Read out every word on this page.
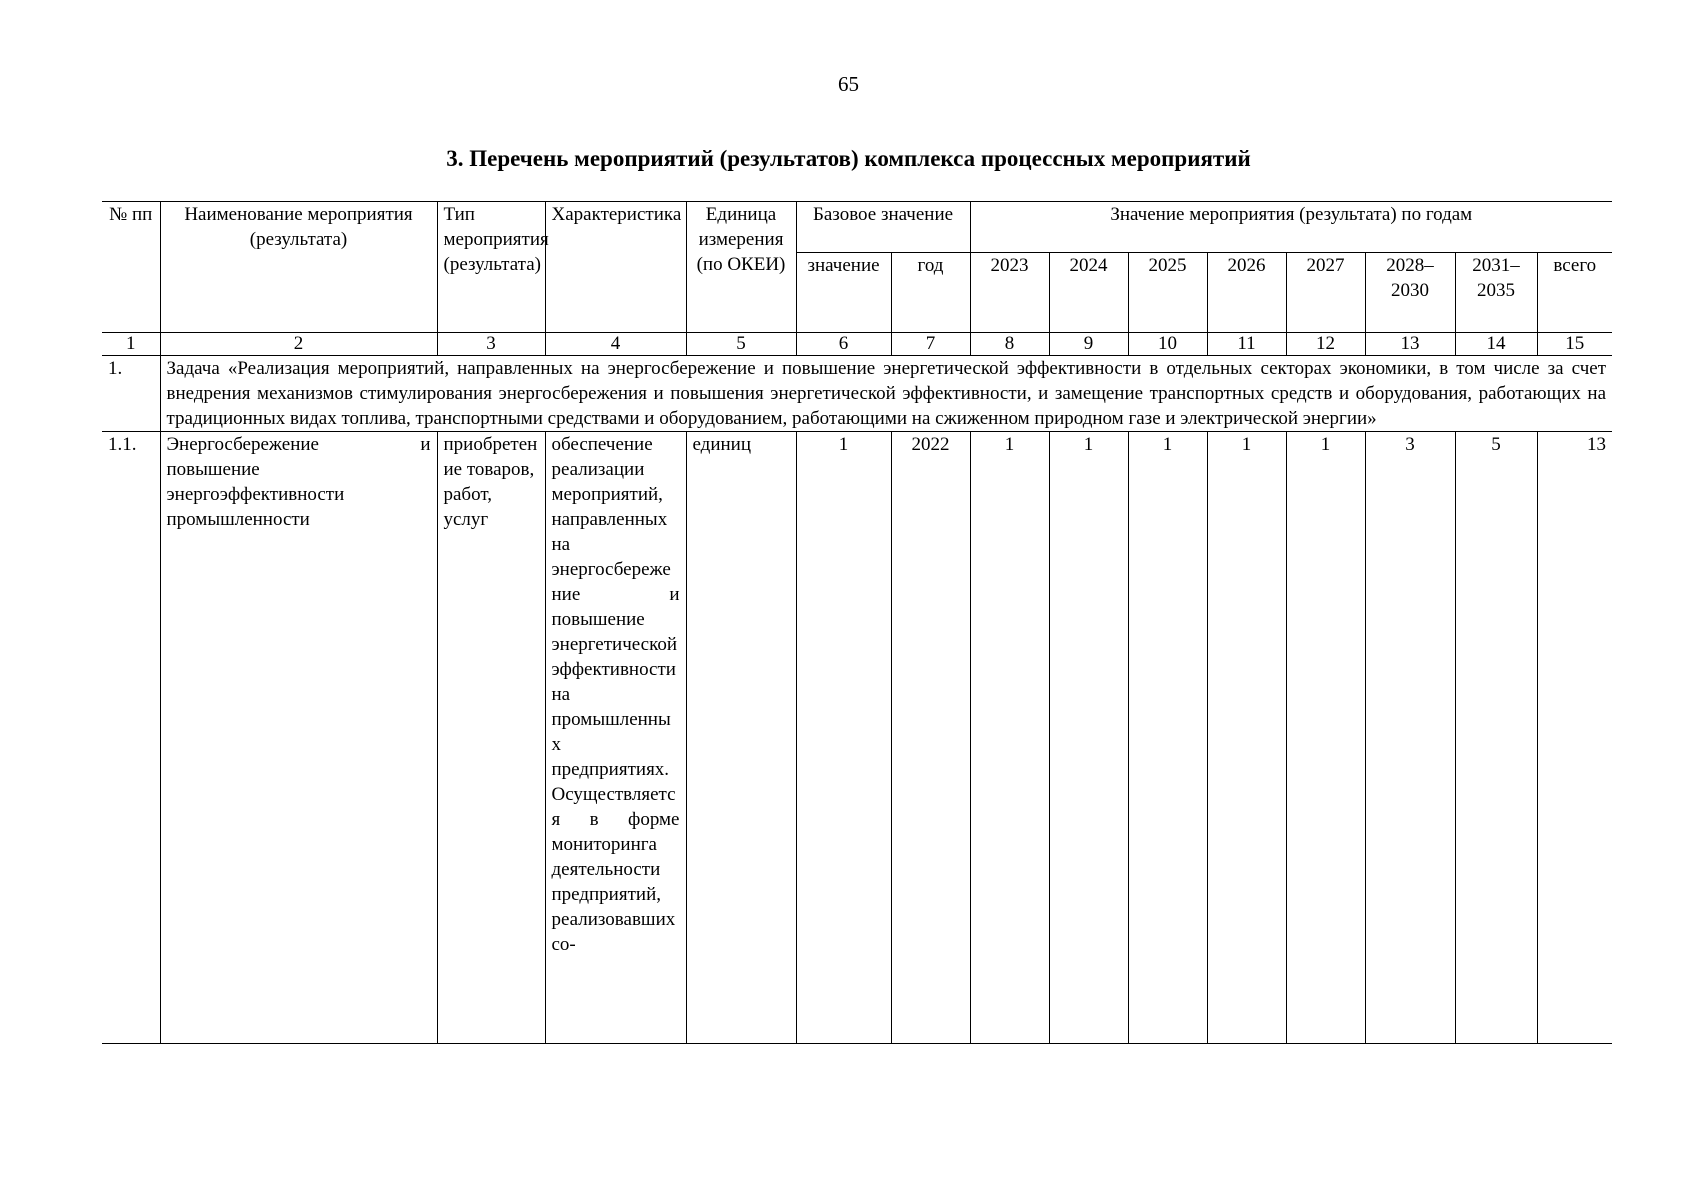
65
3. Перечень мероприятий (результатов) комплекса процессных мероприятий
№ пп	Наименование мероприятия (результата)	Тип мероприятия (результата)	Характеристика	Единица измерения (по ОКЕИ)	Базовое значение		Значение мероприятия (результата) по годам							
					значение	год	2023	2024	2025	2026	2027	2028–2030	2031–2035	всего
1	2	3	4	5	6	7	8	9	10	11	12	13	14	15
1.	Задача «Реализация мероприятий, направленных на энергосбережение и повышение энергетической эффективности в отдельных секторах экономики, в том числе за счет внедрения механизмов стимулирования энергосбережения и повышения энергетической эффективности, и замещение транспортных средств и оборудования, работающих на традиционных видах топлива, транспортными средствами и оборудованием, работающими на сжиженном природном газе и электрической энергии»													
1.1.	Энергосбережение и повышение энергоэффективности промышленности	приобретение товаров, работ, услуг	обеспечение реализации мероприятий, направленных на энергосбережение и повышение энергетической эффективности на промышленных предприятиях. Осуществляется в форме мониторинга деятельности предприятий, реализовавших со-	единиц	1	2022	1	1	1	1	1	3	5	13
